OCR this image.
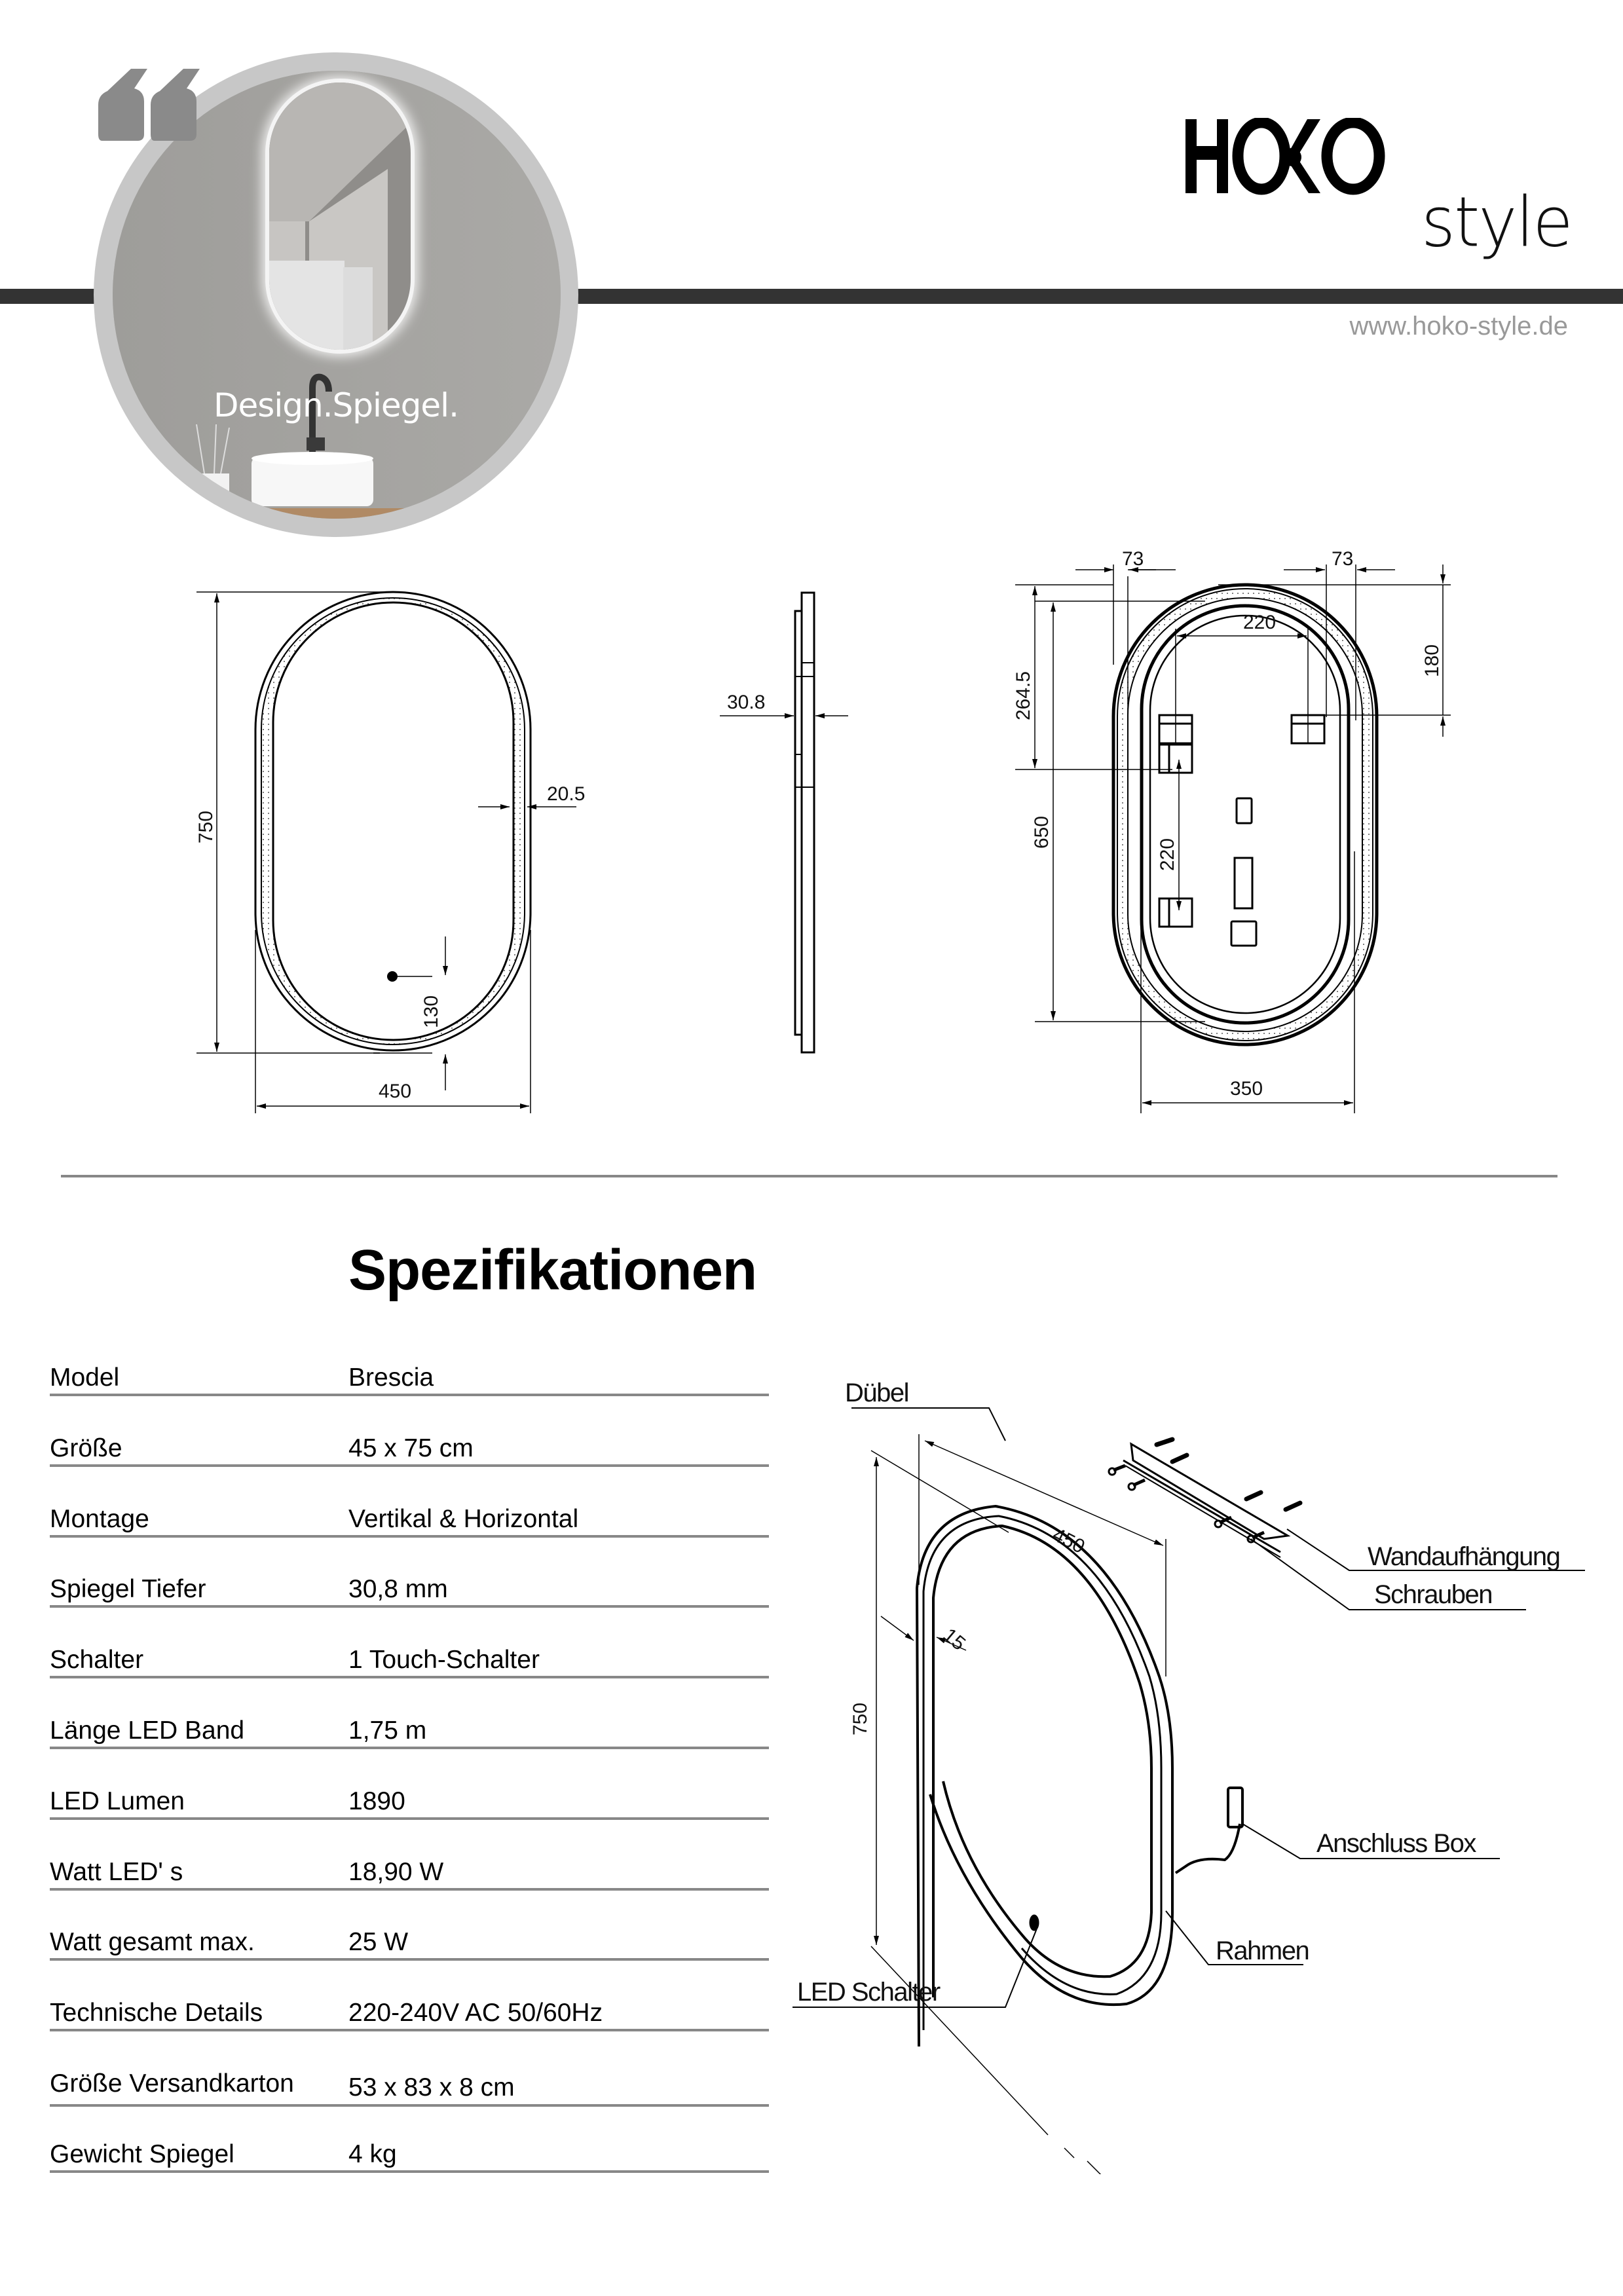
Design.Spiegel.
style
www.hoko-style.de
750
450
20.5
130
30.8
73	73
180
264.5
650
220
220
350
Spezifikationen
Model	Brescia
Größe	45 x 75 cm
Montage	Vertikal & Horizontal
Spiegel Tiefer	30,8 mm
Schalter	1 Touch-Schalter
Länge LED Band	1,75 m
LED Lumen	1890
Watt LED' s	18,90 W
Watt gesamt max.	25 W
Technische Details	220-240V AC 50/60Hz
Größe Versandkarton 53 x 83 x 8 cm
Gewicht Spiegel	4 kg
450
750
15
Dübel
Wandaufhängung
Schrauben
Anschluss Box
Rahmen
LED Schalter
